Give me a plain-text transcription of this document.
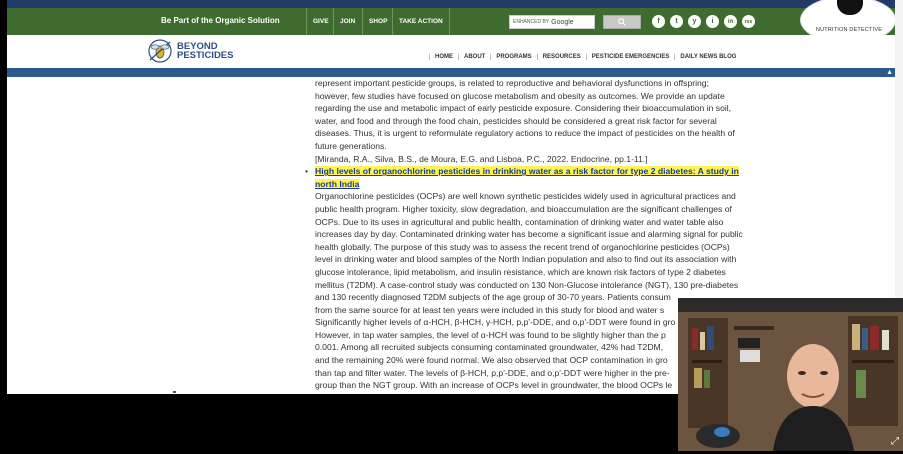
Be Part of the Organic Solution	GIVE	JOIN	SHOP	TAKE ACTION	ENHANCED BY Google	f	t	y	i	in	rss
NUTRITION DETECTIVE
BEYOND
PESTICIDES	HOME	ABOUT	PROGRAMS	RESOURCES	PESTICIDE EMERGENCIES	DAILY NEWS BLOG
▲

represent important pesticide groups, is related to reproductive and behavioral dysfunctions in offspring;

however, few studies have focused on glucose metabolism and obesity as outcomes. We provide an update

regarding the use and metabolic impact of early pesticide exposure. Considering their bioaccumulation in soil,

water, and food and through the food chain, pesticides should be considered a great risk factor for several

diseases. Thus, it is urgent to reformulate regulatory actions to reduce the impact of pesticides on the health of

future generations.

[Miranda, R.A., Silva, B.S., de Moura, E.G. and Lisboa, P.C., 2022. Endocrine, pp.1-11.]

• High levels of organochlorine pesticides in drinking water as a risk factor for type 2 diabetes: A study in

north India

Organochlorine pesticides (OCPs) are well known synthetic pesticides widely used in agricultural practices and

public health program. Higher toxicity, slow degradation, and bioaccumulation are the significant challenges of

OCPs. Due to its uses in agricultural and public health, contamination of drinking water and water table also

increases day by day. Contaminated drinking water has become a significant issue and alarming signal for public

health globally. The purpose of this study was to assess the recent trend of organochlorine pesticides (OCPs)

level in drinking water and blood samples of the North Indian population and also to find out its association with

glucose intolerance, lipid metabolism, and insulin resistance, which are known risk factors of type 2 diabetes

mellitus (T2DM). A case-control study was conducted on 130 Non-Glucose intolerance (NGT), 130 pre-diabetes

and 130 recently diagnosed T2DM subjects of the age group of 30-70 years. Patients consum

from the same source for at least ten years were included in this study for blood and water s

Significantly higher levels of α-HCH, β-HCH, γ-HCH, p,p'-DDE, and o,p'-DDT were found in gro

However, in tap water samples, the level of α-HCH was found to be slightly higher than the p

0.001. Among all recruited subjects consuming contaminated groundwater, 42% had T2DM,

and the remaining 20% were found normal. We also observed that OCP contamination in gro

than tap and filter water. The levels of β-HCH, p,p'-DDE, and o,p'-DDT were higher in the pre-

group than the NGT group. With an increase of OCPs level in groundwater, the blood OCPs le

⤢
